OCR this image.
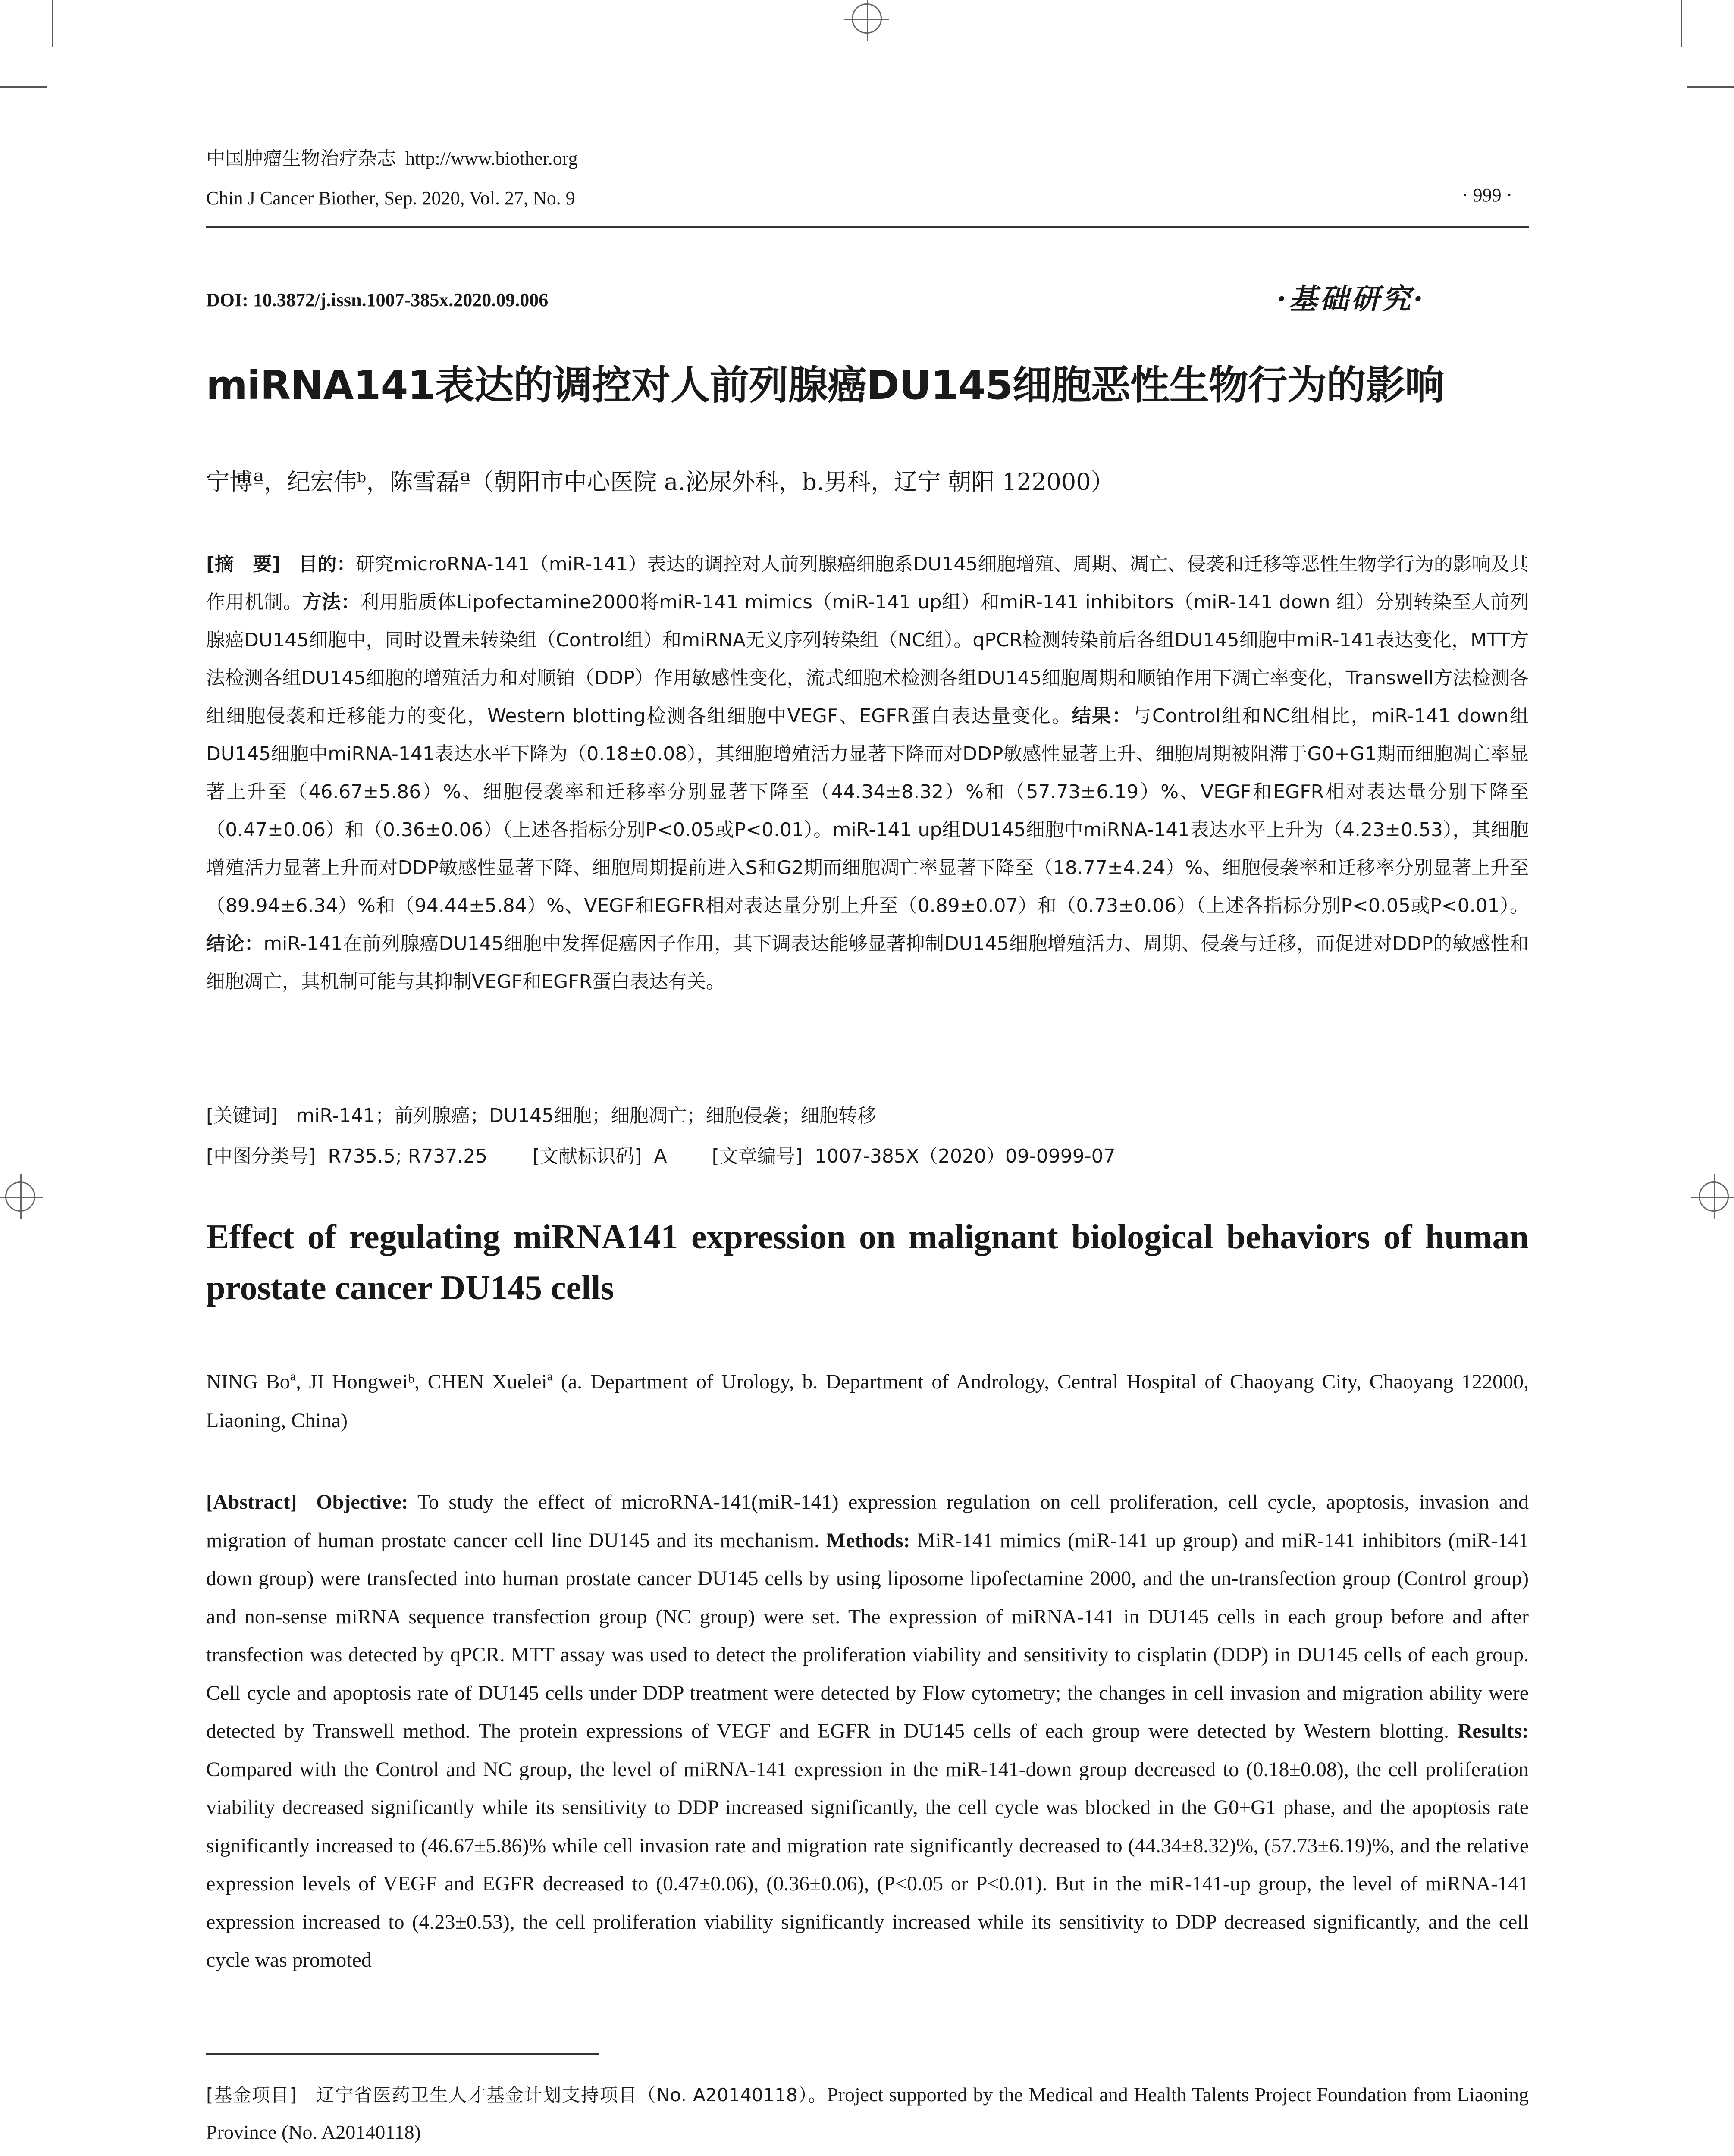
中国肿瘤生物治疗杂志 http://www.biother.org
Chin J Cancer Biother, Sep. 2020, Vol. 27, No. 9	· 999 ·
DOI: 10.3872/j.issn.1007-385x.2020.09.006	·基础研究·
miRNA141表达的调控对人前列腺癌DU145细胞恶性生物行为的影响
宁博ª，纪宏伟ᵇ，陈雪磊ª（朝阳市中心医院 a.泌尿外科，b.男科，辽宁 朝阳 122000）
[摘　要] 目的：研究microRNA-141（miR-141）表达的调控对人前列腺癌细胞系DU145细胞增殖、周期、凋亡、侵袭和迁移等恶性生物学行为的影响及其作用机制。方法：利用脂质体Lipofectamine2000将miR-141 mimics（miR-141 up组）和miR-141 inhibitors（miR-141 down 组）分别转染至人前列腺癌DU145细胞中，同时设置未转染组（Control组）和miRNA无义序列转染组（NC组）。qPCR检测转染前后各组DU145细胞中miR-141表达变化，MTT方法检测各组DU145细胞的增殖活力和对顺铂（DDP）作用敏感性变化，流式细胞术检测各组DU145细胞周期和顺铂作用下凋亡率变化，Transwell方法检测各组细胞侵袭和迁移能力的变化，Western blotting检测各组细胞中VEGF、EGFR蛋白表达量变化。结果：与Control组和NC组相比，miR-141 down组DU145细胞中miRNA-141表达水平下降为（0.18±0.08），其细胞增殖活力显著下降而对DDP敏感性显著上升、细胞周期被阻滞于G0+G1期而细胞凋亡率显著上升至（46.67±5.86）%、细胞侵袭率和迁移率分别显著下降至（44.34±8.32）%和（57.73±6.19）%、VEGF和EGFR相对表达量分别下降至（0.47±0.06）和（0.36±0.06）（上述各指标分别P<0.05或P<0.01）。miR-141 up组DU145细胞中miRNA-141表达水平上升为（4.23±0.53），其细胞增殖活力显著上升而对DDP敏感性显著下降、细胞周期提前进入S和G2期而细胞凋亡率显著下降至（18.77±4.24）%、细胞侵袭率和迁移率分别显著上升至（89.94±6.34）%和（94.44±5.84）%、VEGF和EGFR相对表达量分别上升至（0.89±0.07）和（0.73±0.06）（上述各指标分别P<0.05或P<0.01）。结论：miR-141在前列腺癌DU145细胞中发挥促癌因子作用，其下调表达能够显著抑制DU145细胞增殖活力、周期、侵袭与迁移，而促进对DDP的敏感性和细胞凋亡，其机制可能与其抑制VEGF和EGFR蛋白表达有关。
[关键词] miR-141；前列腺癌；DU145细胞；细胞凋亡；细胞侵袭；细胞转移
[中图分类号] R735.5; R737.25 [文献标识码] A [文章编号] 1007-385X（2020）09-0999-07
Effect of regulating miRNA141 expression on malignant biological behaviors of human prostate cancer DU145 cells
NING Boª, JI Hongweiᵇ, CHEN Xueleiª (a. Department of Urology, b. Department of Andrology, Central Hospital of Chaoyang City, Chaoyang 122000, Liaoning, China)
[Abstract] Objective: To study the effect of microRNA-141(miR-141) expression regulation on cell proliferation, cell cycle, apoptosis, invasion and migration of human prostate cancer cell line DU145 and its mechanism. Methods: MiR-141 mimics (miR-141 up group) and miR-141 inhibitors (miR-141 down group) were transfected into human prostate cancer DU145 cells by using liposome lipofectamine 2000, and the un-transfection group (Control group) and non-sense miRNA sequence transfection group (NC group) were set. The expression of miRNA-141 in DU145 cells in each group before and after transfection was detected by qPCR. MTT assay was used to detect the proliferation viability and sensitivity to cisplatin (DDP) in DU145 cells of each group. Cell cycle and apoptosis rate of DU145 cells under DDP treatment were detected by Flow cytometry; the changes in cell invasion and migration ability were detected by Transwell method. The protein expressions of VEGF and EGFR in DU145 cells of each group were detected by Western blotting. Results: Compared with the Control and NC group, the level of miRNA-141 expression in the miR-141-down group decreased to (0.18±0.08), the cell proliferation viability decreased significantly while its sensitivity to DDP increased significantly, the cell cycle was blocked in the G0+G1 phase, and the apoptosis rate significantly increased to (46.67±5.86)% while cell invasion rate and migration rate significantly decreased to (44.34±8.32)%, (57.73±6.19)%, and the relative expression levels of VEGF and EGFR decreased to (0.47±0.06), (0.36±0.06), (P<0.05 or P<0.01). But in the miR-141-up group, the level of miRNA-141 expression increased to (4.23±0.53), the cell proliferation viability significantly increased while its sensitivity to DDP decreased significantly, and the cell cycle was promoted
[基金项目] 辽宁省医药卫生人才基金计划支持项目（No. A20140118）。Project supported by the Medical and Health Talents Project Foundation from Liaoning Province (No. A20140118)
